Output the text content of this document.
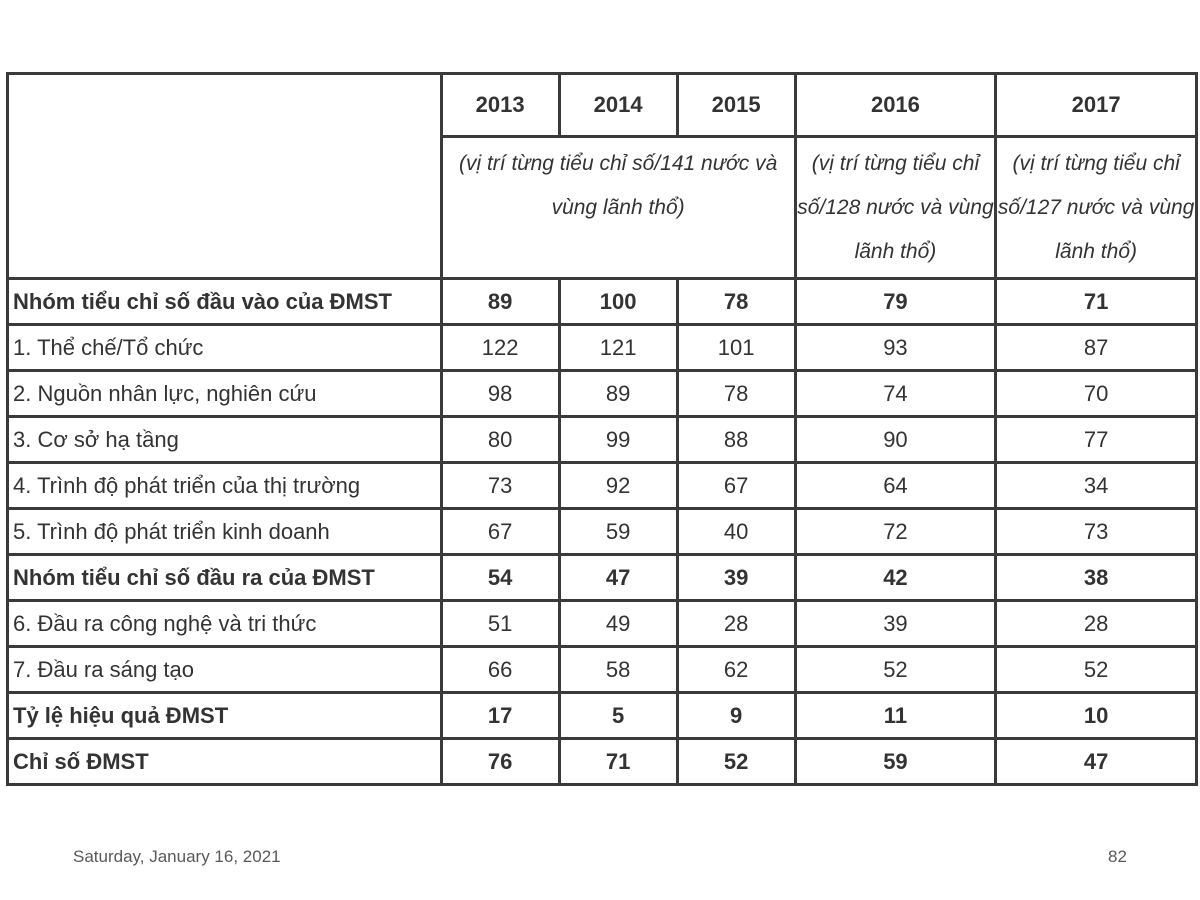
	2013	2014	2015	2016	2017
	(vị trí từng tiểu chỉ số/141 nước và vùng lãnh thổ)			(vị trí từng tiểu chỉ số/128 nước và vùng lãnh thổ)	(vị trí từng tiểu chỉ số/127 nước và vùng lãnh thổ)
Nhóm tiểu chỉ số đầu vào của ĐMST	89	100	78	79	71
1. Thể chế/Tổ chức	122	121	101	93	87
2. Nguồn nhân lực, nghiên cứu	98	89	78	74	70
3. Cơ sở hạ tầng	80	99	88	90	77
4. Trình độ phát triển của thị trường	73	92	67	64	34
5. Trình độ phát triển kinh doanh	67	59	40	72	73
Nhóm tiểu chỉ số đầu ra của ĐMST	54	47	39	42	38
6. Đầu ra công nghệ và tri thức	51	49	28	39	28
7. Đầu ra sáng tạo	66	58	62	52	52
Tỷ lệ hiệu quả ĐMST	17	5	9	11	10
Chỉ số ĐMST	76	71	52	59	47
Saturday, January 16, 2021	82
